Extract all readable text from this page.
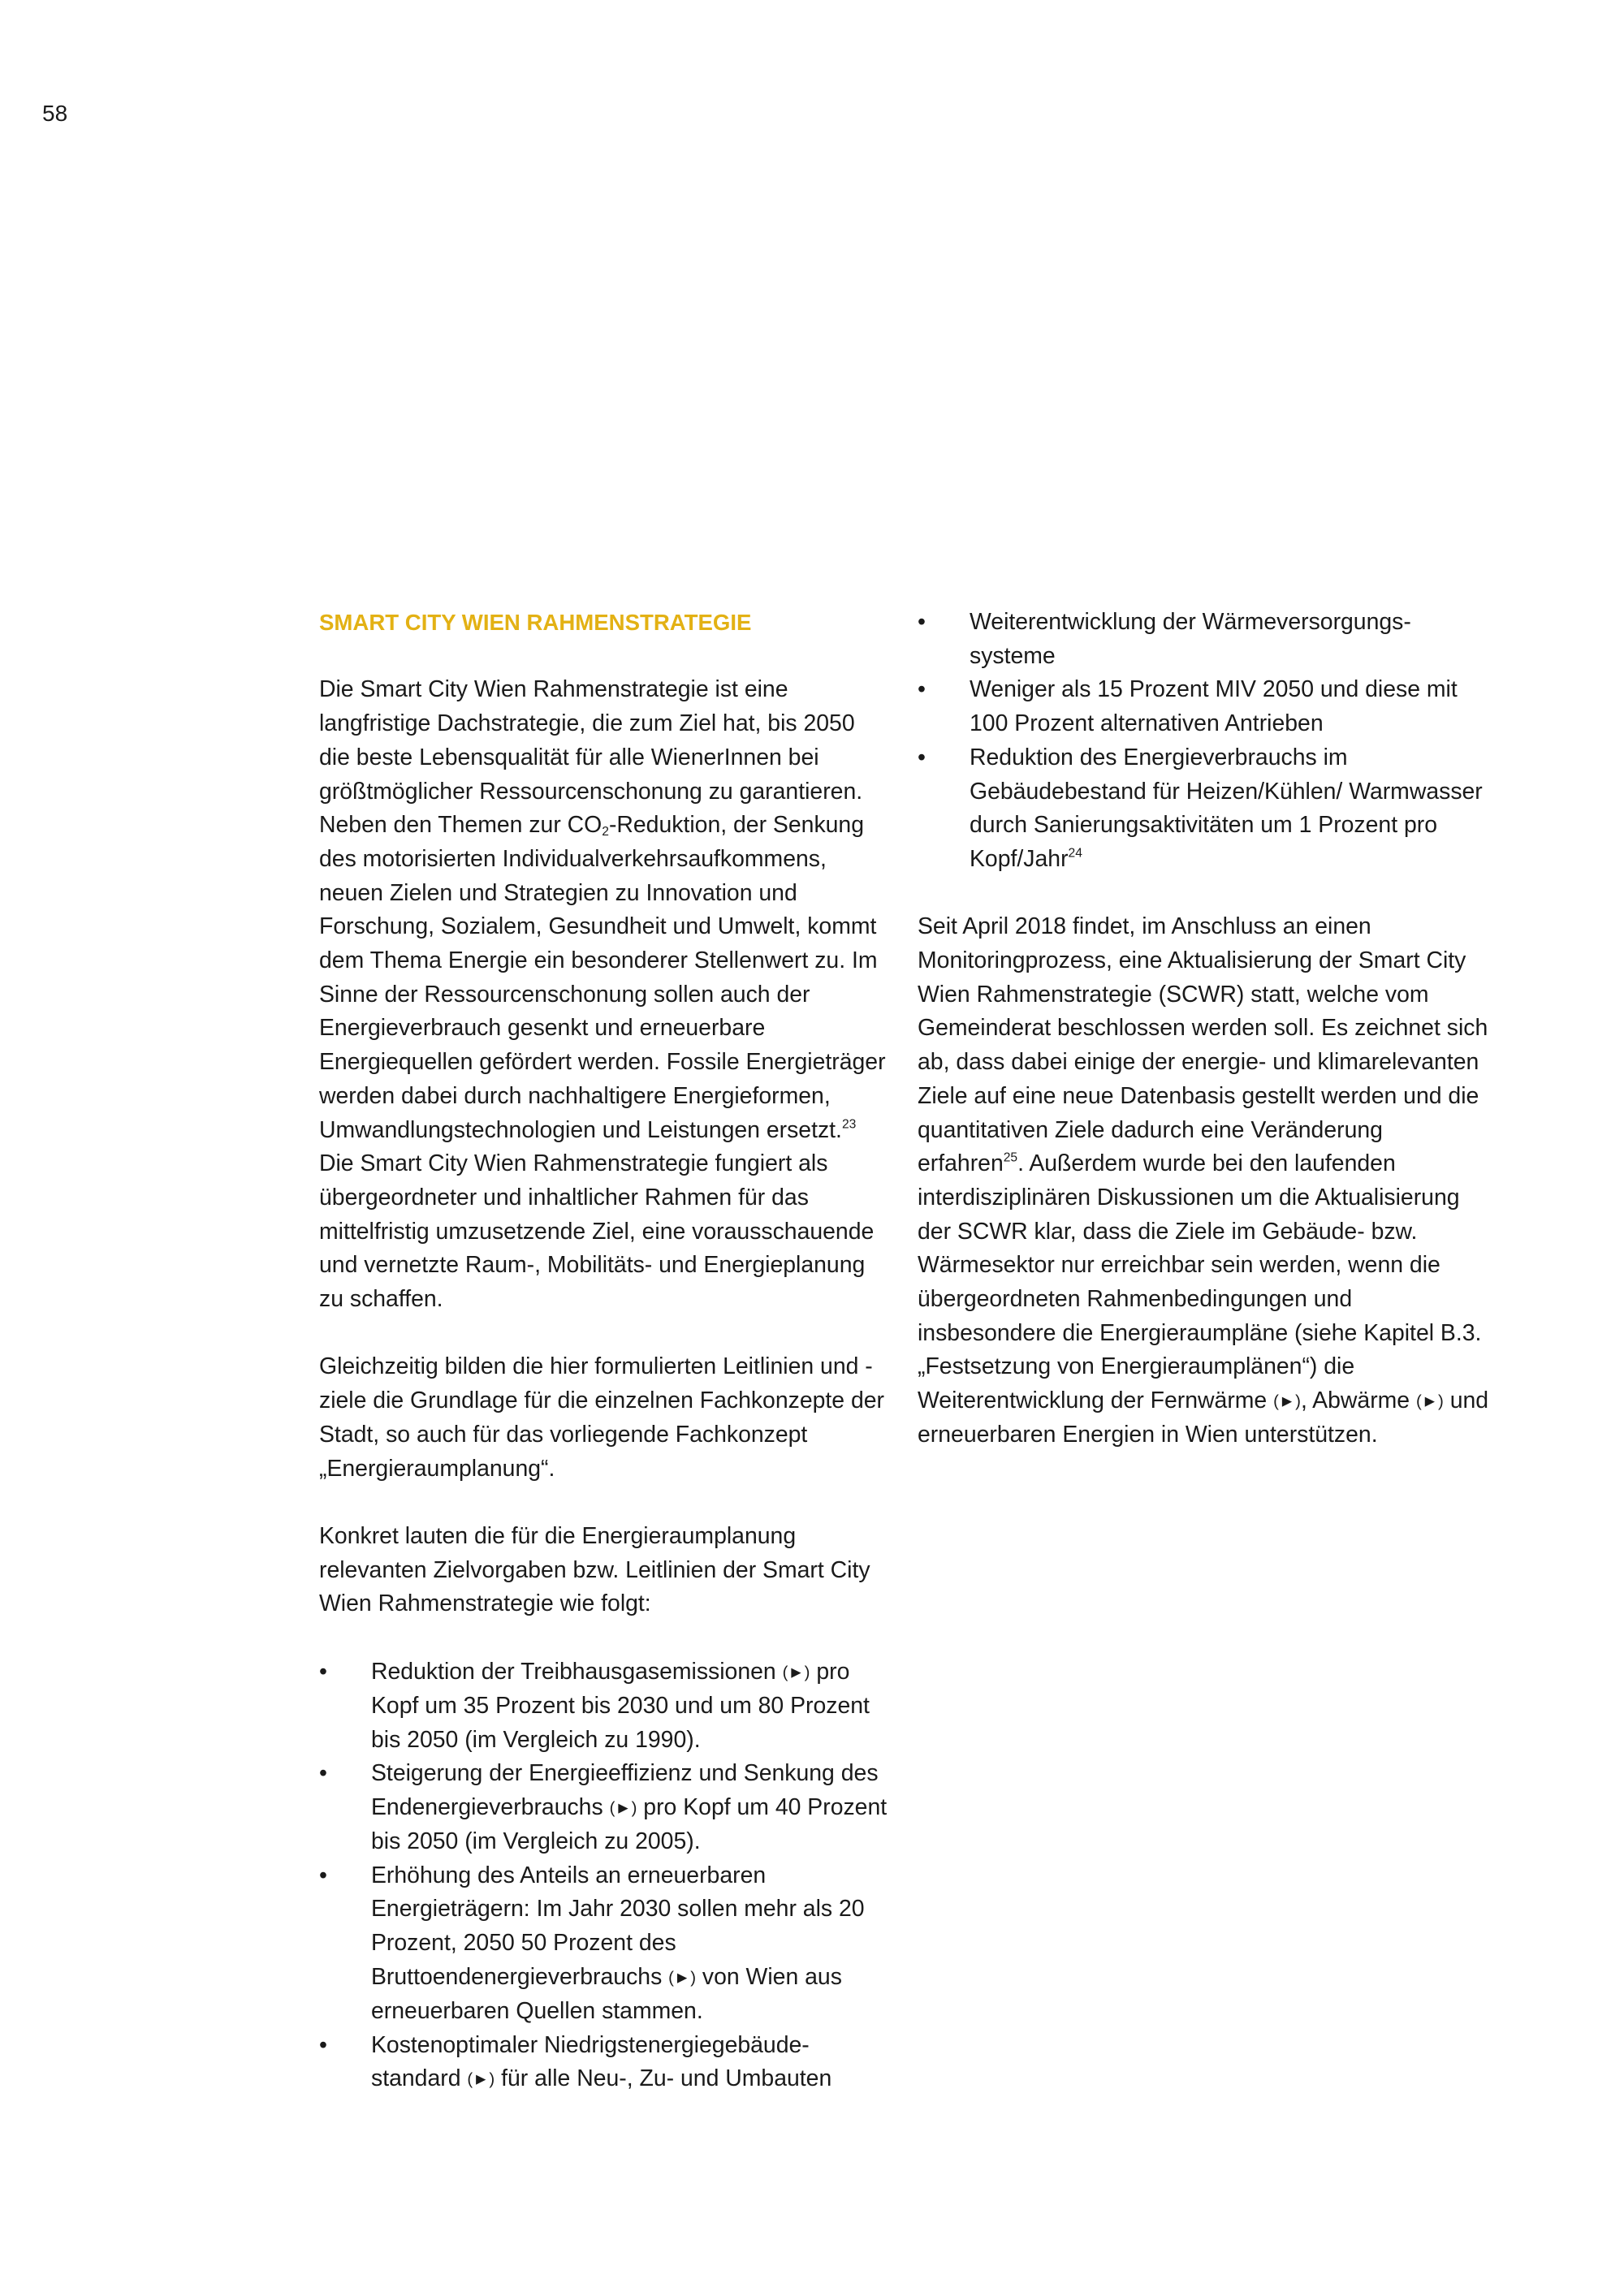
58
SMART CITY WIEN RAHMENSTRATEGIE

Die Smart City Wien Rahmenstrategie ist eine langfristige Dachstrategie, die zum Ziel hat, bis 2050 die beste Lebensqualität für alle WienerInnen bei größtmöglicher Ressourcenschonung zu garantieren. Neben den Themen zur $CO_2$-Reduktion, der Senkung des motorisierten Individualverkehrsaufkommens, neuen Zielen und Strategien zu Innovation und Forschung, Sozialem, Gesundheit und Umwelt, kommt dem Thema Energie ein besonderer Stellenwert zu. Im Sinne der Ressourcenschonung sollen auch der Energieverbrauch gesenkt und erneuerbare Energiequellen gefördert werden. Fossile Energieträger werden dabei durch nachhaltigere Energieformen, Umwandlungstechnologien und Leistungen ersetzt.$^{23}$ Die Smart City Wien Rahmenstrategie fungiert als übergeordneter und inhaltlicher Rahmen für das mittelfristig umzusetzende Ziel, eine vorausschauende und vernetzte Raum-, Mobilitäts- und Energieplanung zu schaffen.

Gleichzeitig bilden die hier formulierten Leitlinien und -ziele die Grundlage für die einzelnen Fachkonzepte der Stadt, so auch für das vorliegende Fachkonzept „Energieraumplanung“.

Konkret lauten die für die Energieraumplanung relevanten Zielvorgaben bzw. Leitlinien der Smart City Wien Rahmenstrategie wie folgt:

• Reduktion der Treibhausgasemissionen (►) pro Kopf um 35 Prozent bis 2030 und um 80 Prozent bis 2050 (im Vergleich zu 1990).
• Steigerung der Energieeffizienz und Senkung des Endenergieverbrauchs (►) pro Kopf um 40 Prozent bis 2050 (im Vergleich zu 2005).
• Erhöhung des Anteils an erneuerbaren Energieträgern: Im Jahr 2030 sollen mehr als 20 Prozent, 2050 50 Prozent des Bruttoendenergieverbrauchs (►) von Wien aus erneuerbaren Quellen stammen.
• Kostenoptimaler Niedrigstenergiegebäude-standard (►) für alle Neu-, Zu- und Umbauten
• Weiterentwicklung der Wärmeversorgungs-systeme
• Weniger als 15 Prozent MIV 2050 und diese mit 100 Prozent alternativen Antrieben
• Reduktion des Energieverbrauchs im Gebäudebestand für Heizen/Kühlen/ Warmwasser durch Sanierungsaktivitäten um 1 Prozent pro Kopf/Jahr$^{24}$

Seit April 2018 findet, im Anschluss an einen Monitoringprozess, eine Aktualisierung der Smart City Wien Rahmenstrategie (SCWR) statt, welche vom Gemeinderat beschlossen werden soll. Es zeichnet sich ab, dass dabei einige der energie- und klimarelevanten Ziele auf eine neue Datenbasis gestellt werden und die quantitativen Ziele dadurch eine Veränderung erfahren$^{25}$. Außerdem wurde bei den laufenden interdisziplinären Diskussionen um die Aktualisierung der SCWR klar, dass die Ziele im Gebäude- bzw. Wärmesektor nur erreichbar sein werden, wenn die übergeordneten Rahmenbedingungen und insbesondere die Energieraumpläne (siehe Kapitel B.3. „Festsetzung von Energieraumplänen“) die Weiterentwicklung der Fernwärme (►), Abwärme (►) und erneuerbaren Energien in Wien unterstützen.
